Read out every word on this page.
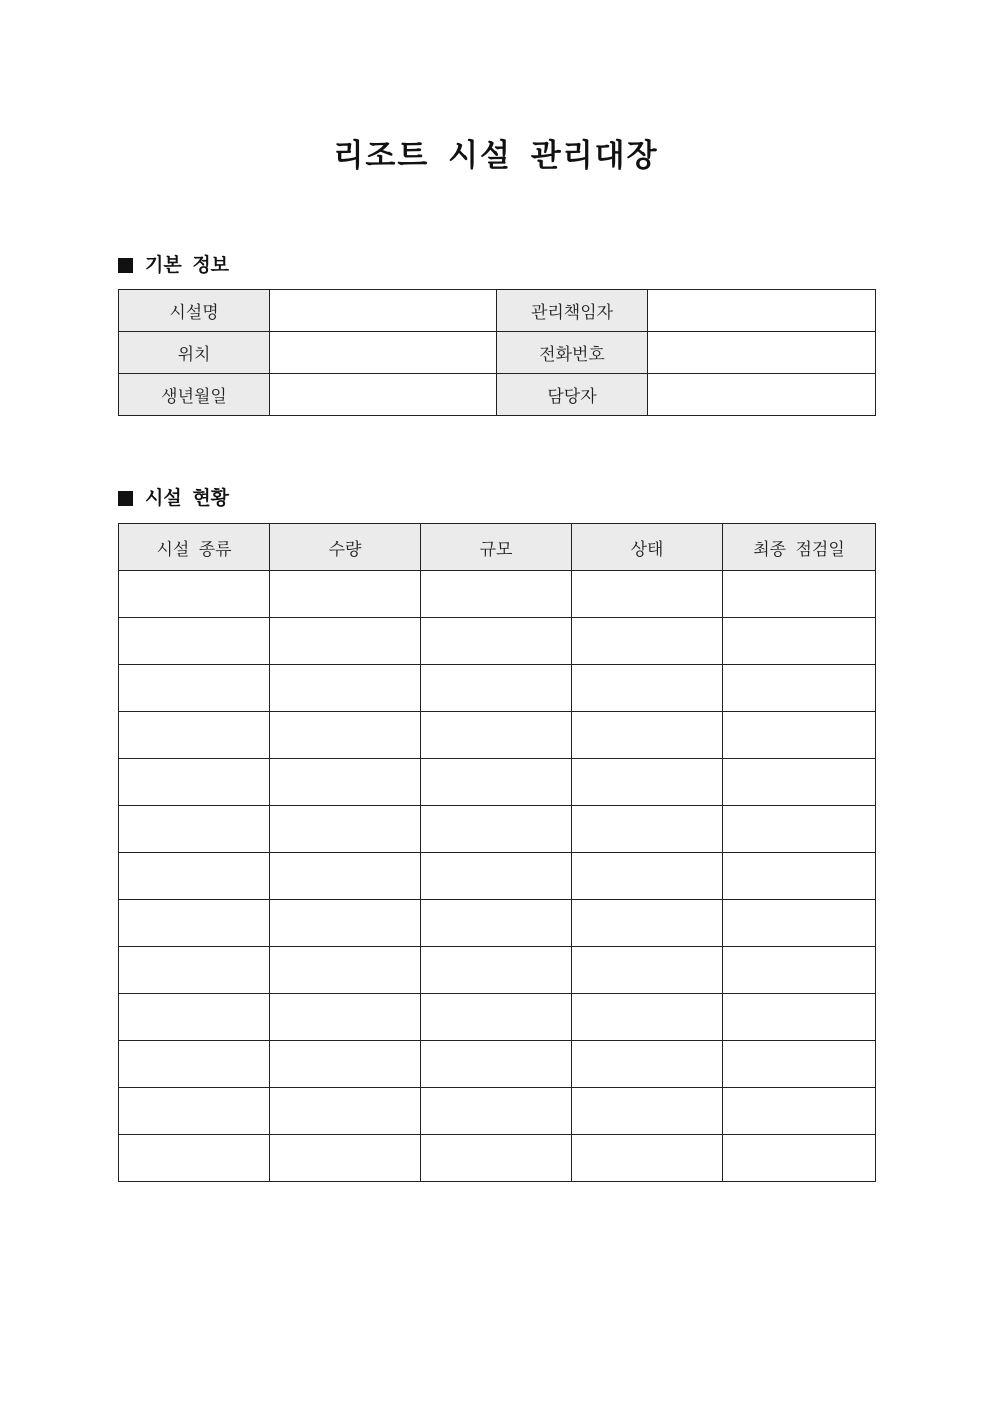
리조트 시설 관리대장
기본 정보
시설명		관리책임자	
위치		전화번호	
생년월일		담당자	
시설 현황
시설 종류	수량	규모	상태	최종 점검일
